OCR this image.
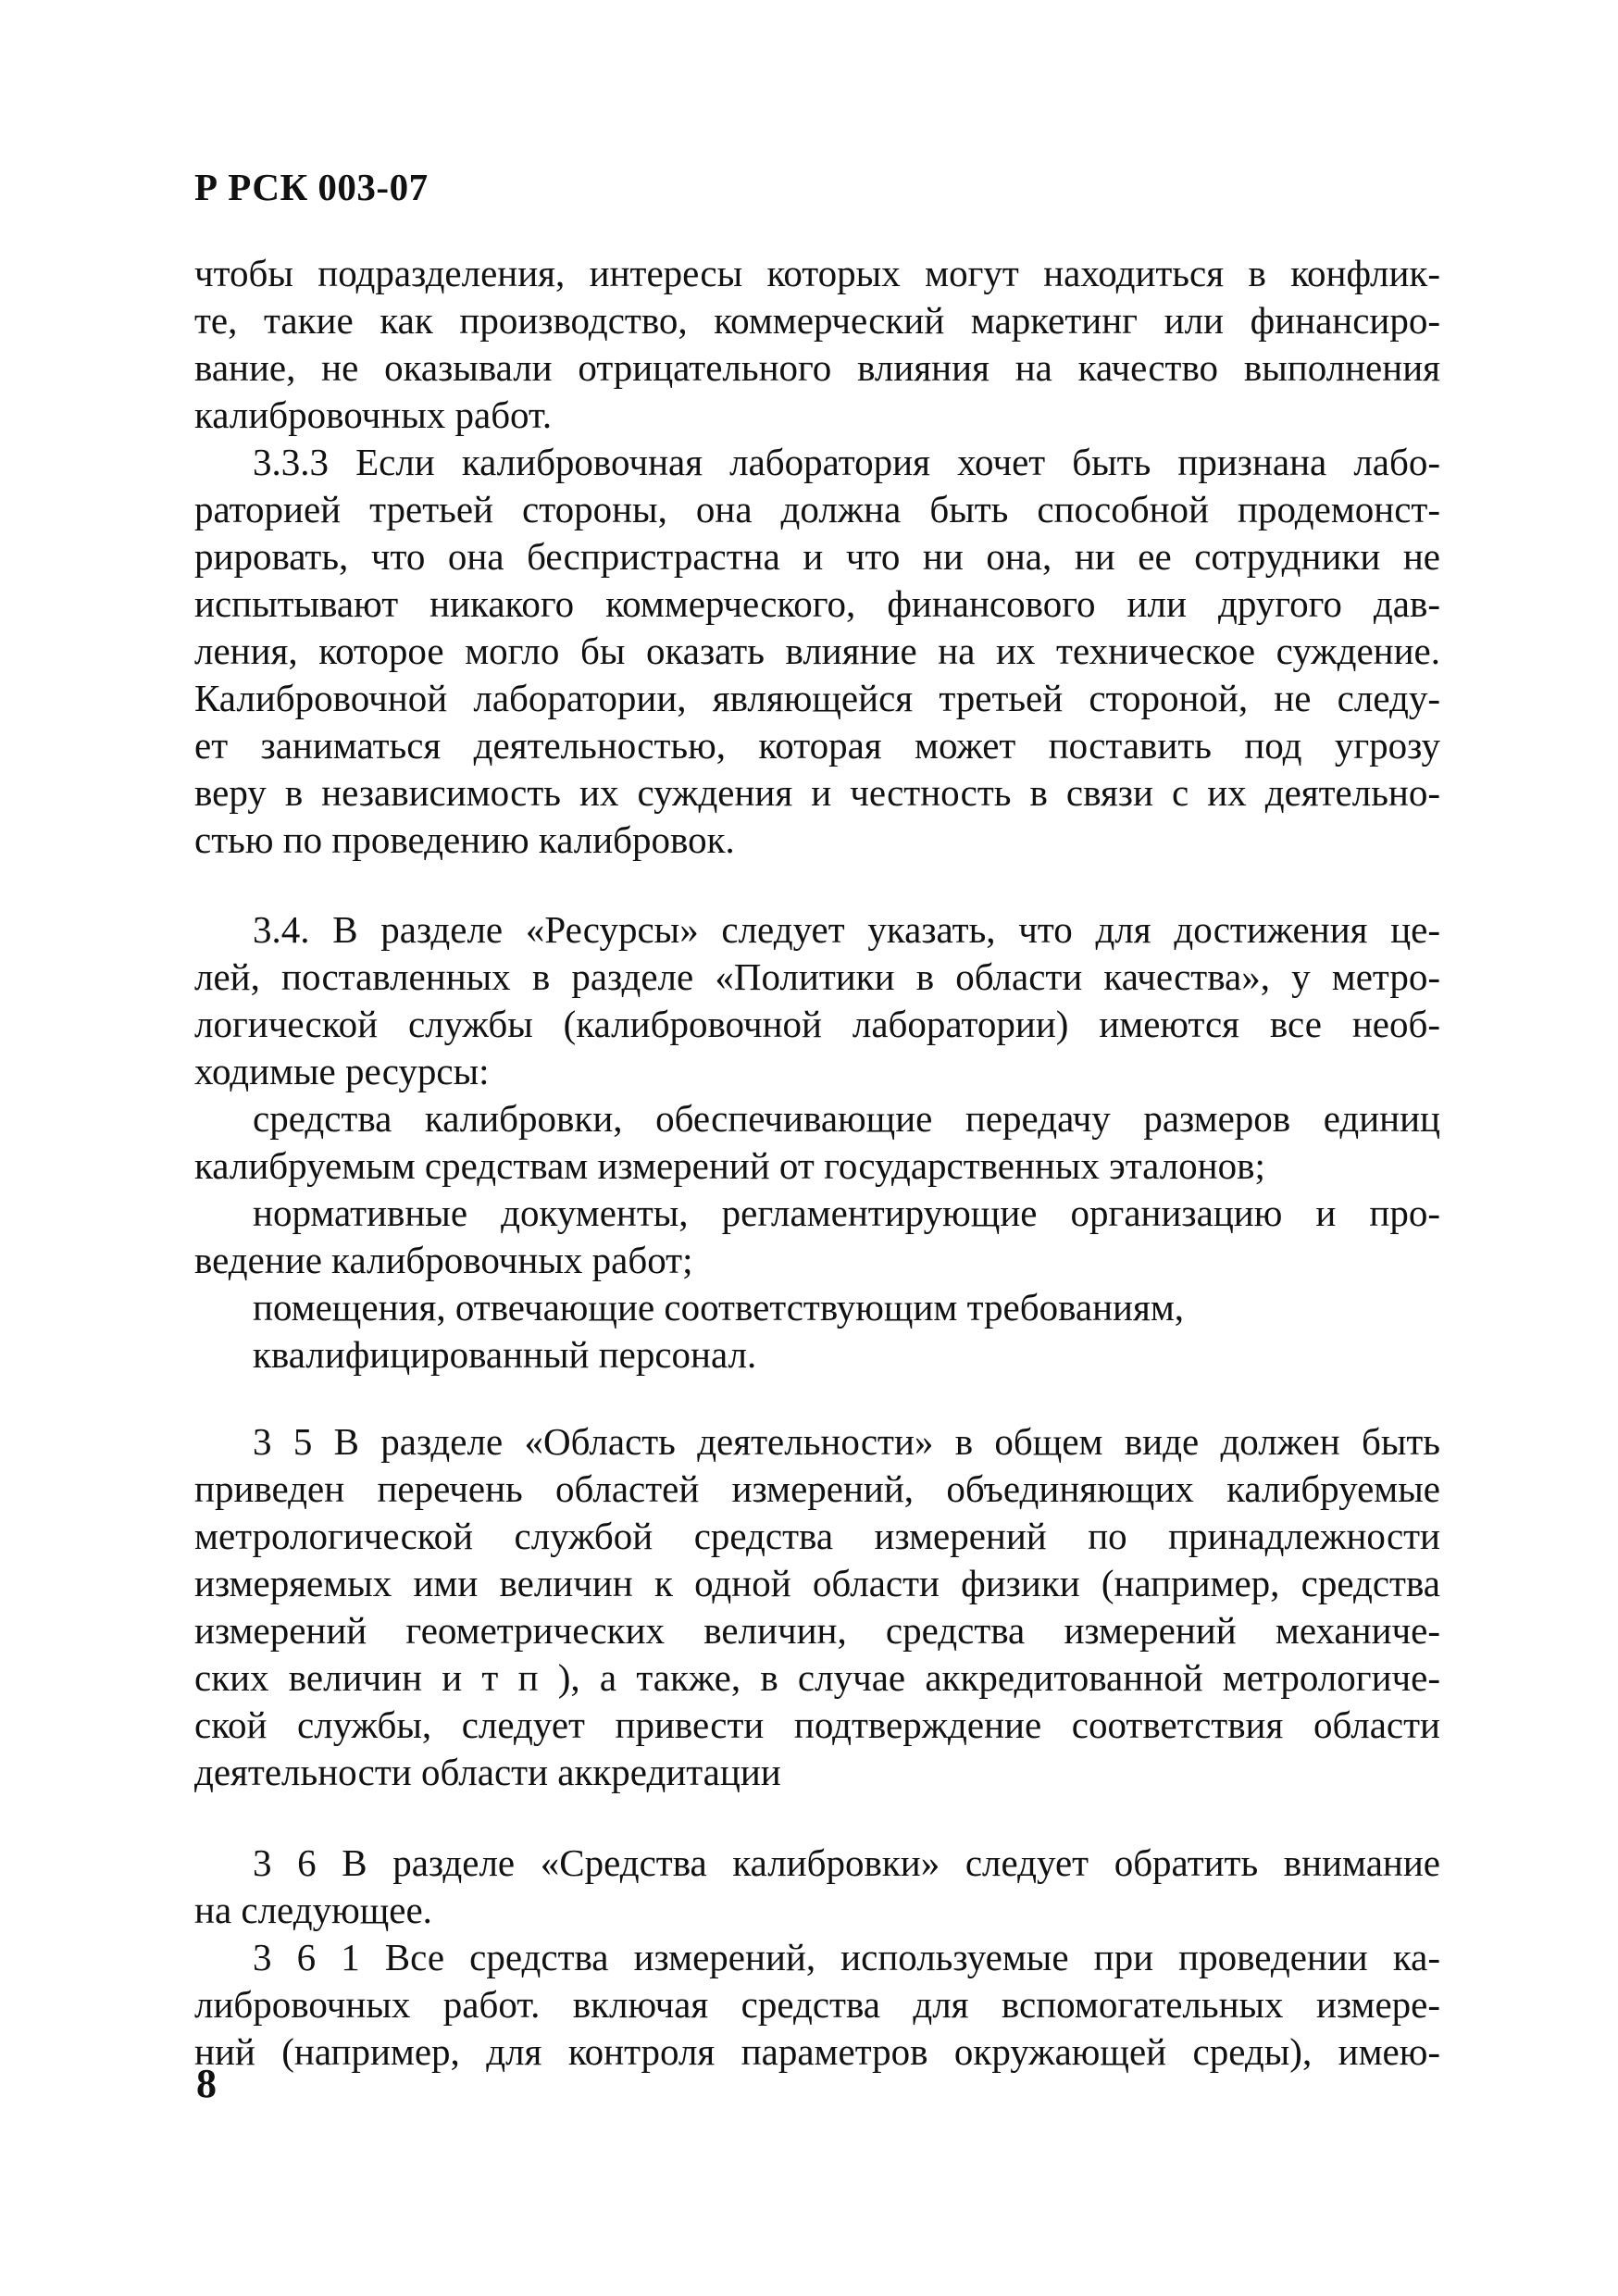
Р РСК 003-07
чтобы подразделения, интересы которых могут находиться в конфлик-
те, такие как производство, коммерческий маркетинг или финансиро-
вание, не оказывали отрицательного влияния на качество выполнения
калибровочных работ.
3.3.3 Если калибровочная лаборатория хочет быть признана лабо-
раторией третьей стороны, она должна быть способной продемонст-
рировать, что она беспристрастна и что ни она, ни ее сотрудники не
испытывают никакого коммерческого, финансового или другого дав-
ления, которое могло бы оказать влияние на их техническое суждение.
Калибровочной лаборатории, являющейся третьей стороной, не следу-
ет заниматься деятельностью, которая может поставить под угрозу
веру в независимость их суждения и честность в связи с их деятельно-
стью по проведению калибровок.
3.4. В разделе «Ресурсы» следует указать, что для достижения це-
лей, поставленных в разделе «Политики в области качества», у метро-
логической службы (калибровочной лаборатории) имеются все необ-
ходимые ресурсы:
средства калибровки, обеспечивающие передачу размеров единиц
калибруемым средствам измерений от государственных эталонов;
нормативные документы, регламентирующие организацию и про-
ведение калибровочных работ;
помещения, отвечающие соответствующим требованиям,
квалифицированный персонал.
3 5 В разделе «Область деятельности» в общем виде должен быть
приведен перечень областей измерений, объединяющих калибруемые
метрологической службой средства измерений по принадлежности
измеряемых ими величин к одной области физики (например, средства
измерений геометрических величин, средства измерений механиче-
ских величин и т п ), а также, в случае аккредитованной метрологиче-
ской службы, следует привести подтверждение соответствия области
деятельности области аккредитации
3 6 В разделе «Средства калибровки» следует обратить внимание
на следующее.
3 6 1 Все средства измерений, используемые при проведении ка-
либровочных работ. включая средства для вспомогательных измере-
ний (например, для контроля параметров окружающей среды), имею-
8
